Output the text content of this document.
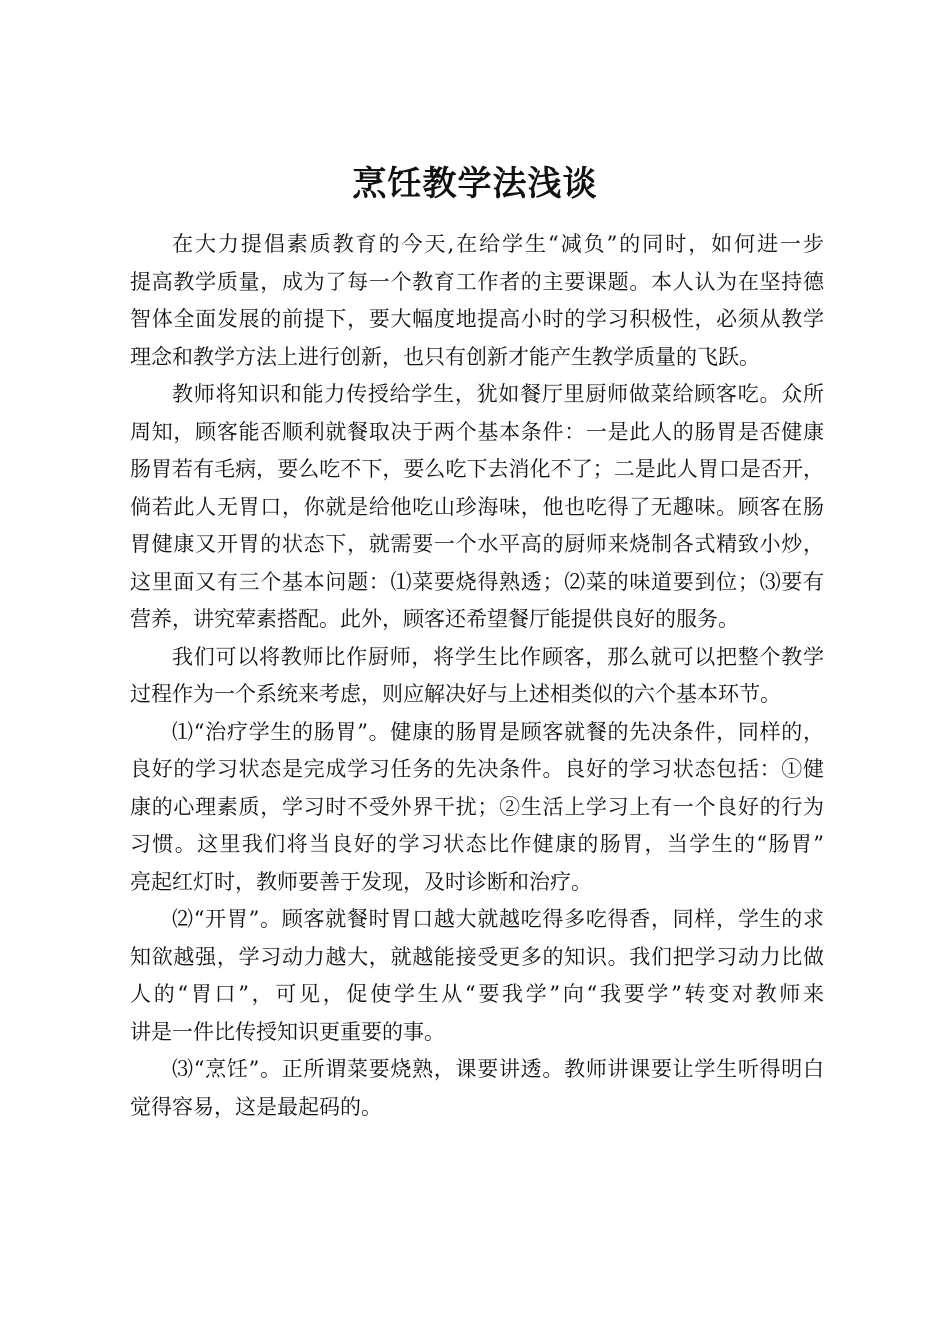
烹饪教学法浅谈

在大力提倡素质教育的今天,在给学生“减负”的同时，如何进一步
提高教学质量，成为了每一个教育工作者的主要课题。本人认为在坚持德
智体全面发展的前提下，要大幅度地提高小时的学习积极性，必须从教学
理念和教学方法上进行创新，也只有创新才能产生教学质量的飞跃。

教师将知识和能力传授给学生，犹如餐厅里厨师做菜给顾客吃。众所
周知，顾客能否顺利就餐取决于两个基本条件：一是此人的肠胃是否健康
肠胃若有毛病，要么吃不下，要么吃下去消化不了；二是此人胃口是否开，
倘若此人无胃口，你就是给他吃山珍海味，他也吃得了无趣味。顾客在肠
胃健康又开胃的状态下，就需要一个水平高的厨师来烧制各式精致小炒，
这里面又有三个基本问题：⑴菜要烧得熟透；⑵菜的味道要到位；⑶要有
营养，讲究荤素搭配。此外，顾客还希望餐厅能提供良好的服务。

我们可以将教师比作厨师，将学生比作顾客，那么就可以把整个教学
过程作为一个系统来考虑，则应解决好与上述相类似的六个基本环节。

⑴“治疗学生的肠胃”。健康的肠胃是顾客就餐的先决条件，同样的，
良好的学习状态是完成学习任务的先决条件。良好的学习状态包括：①健
康的心理素质，学习时不受外界干扰；②生活上学习上有一个良好的行为
习惯。这里我们将当良好的学习状态比作健康的肠胃，当学生的“肠胃”
亮起红灯时，教师要善于发现，及时诊断和治疗。

⑵“开胃”。顾客就餐时胃口越大就越吃得多吃得香，同样，学生的求
知欲越强，学习动力越大，就越能接受更多的知识。我们把学习动力比做
人的“胃口”，可见，促使学生从“要我学”向“我要学”转变对教师来
讲是一件比传授知识更重要的事。

⑶“烹饪”。正所谓菜要烧熟，课要讲透。教师讲课要让学生听得明白
觉得容易，这是最起码的。
